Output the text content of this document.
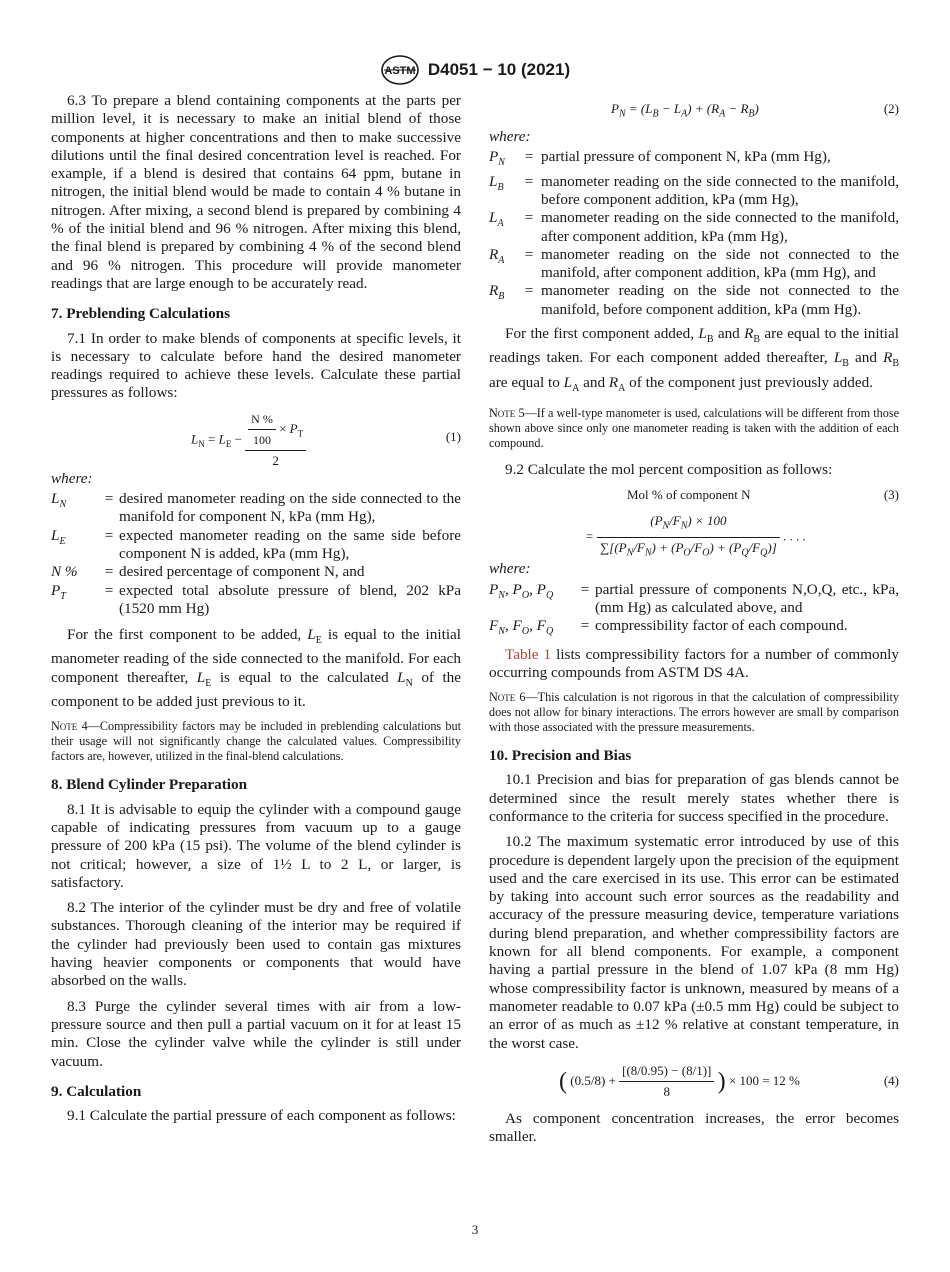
ASTM D4051 − 10 (2021)

6.3 To prepare a blend containing components at the parts per million level, it is necessary to make an initial blend of those components at higher concentrations and then to make successive dilutions until the final desired concentration level is reached. For example, if a blend is desired that contains 64 ppm, butane in nitrogen, the initial blend would be made to contain 4 % butane in nitrogen. After mixing, a second blend is prepared by combining 4 % of the initial blend and 96 % nitrogen. After mixing this blend, the final blend is prepared by combining 4 % of the second blend and 96 % nitrogen. This procedure will provide manometer readings that are large enough to be accurately read.

7. Preblending Calculations

7.1 In order to make blends of components at specific levels, it is necessary to calculate before hand the desired manometer readings required to achieve these levels. Calculate these partial pressures as follows:

$L_N = L_E - \frac{\frac{N \%}{100} \times P_T}{2}$	(1)
where:
$L_N$	=	desired manometer reading on the side connected to the manifold for component N, kPa (mm Hg),
$L_E$	=	expected manometer reading on the same side before component N is added, kPa (mm Hg),
N %	=	desired percentage of component N, and
$P_T$	=	expected total absolute pressure of blend, 202 kPa (1520 mm Hg)

For the first component to be added, $L_E$ is equal to the initial manometer reading of the side connected to the manifold. For each component thereafter, $L_E$ is equal to the calculated $L_N$ of the component to be added just previous to it.

Note 4—Compressibility factors may be included in preblending calculations but their usage will not significantly change the calculated values. Compressibility factors are, however, utilized in the final-blend calculations.
8. Blend Cylinder Preparation

8.1 It is advisable to equip the cylinder with a compound gauge capable of indicating pressures from vacuum up to a gauge pressure of 200 kPa (15 psi). The volume of the blend cylinder is not critical; however, a size of 1½ L to 2 L, or larger, is satisfactory.

8.2 The interior of the cylinder must be dry and free of volatile substances. Thorough cleaning of the interior may be required if the cylinder had previously been used to contain gas mixtures having heavier components or components that would have absorbed on the walls.

8.3 Purge the cylinder several times with air from a low-pressure source and then pull a partial vacuum on it for at least 15 min. Close the cylinder valve while the cylinder is still under vacuum.

9. Calculation

9.1 Calculate the partial pressure of each component as follows:

$P_N = (L_B - L_A) + (R_A - R_B)$	(2)
where:
$P_N$	=	partial pressure of component N, kPa (mm Hg),
$L_B$	=	manometer reading on the side connected to the manifold, before component addition, kPa (mm Hg),
$L_A$	=	manometer reading on the side connected to the manifold, after component addition, kPa (mm Hg),
$R_A$	=	manometer reading on the side not connected to the manifold, after component addition, kPa (mm Hg), and
$R_B$	=	manometer reading on the side not connected to the manifold, before component addition, kPa (mm Hg).

For the first component added, $L_B$ and $R_B$ are equal to the initial readings taken. For each component added thereafter, $L_B$ and $R_B$ are equal to $L_A$ and $R_A$ of the component just previously added.

Note 5—If a well-type manometer is used, calculations will be different from those shown above since only one manometer reading is taken with the addition of each compound.

9.2 Calculate the mol percent composition as follows:

Mol % of component N	(3)
= $\frac{(P_N/F_N) \times 100}{\sum[(P_N/F_N) + (P_O/F_O) + (P_Q/F_Q)]}$ . . . .
where:
$P_N$, $P_O$, $P_Q$	=	partial pressure of components N,O,Q, etc., kPa, (mm Hg) as calculated above, and
$F_N$, $F_O$, $F_Q$	=	compressibility factor of each compound.

Table 1 lists compressibility factors for a number of commonly occurring compounds from ASTM DS 4A.

Note 6—This calculation is not rigorous in that the calculation of compressibility does not allow for binary interactions. The errors however are small by comparison with those associated with the pressure measurements.
10. Precision and Bias

10.1 Precision and bias for preparation of gas blends cannot be determined since the result merely states whether there is conformance to the criteria for success specified in the procedure.

10.2 The maximum systematic error introduced by use of this procedure is dependent largely upon the precision of the equipment used and the care exercised in its use. This error can be estimated by taking into account such error sources as the readability and accuracy of the pressure measuring device, temperature variations during blend preparation, and whether compressibility factors are known for all blend components. For example, a component having a partial pressure in the blend of 1.07 kPa (8 mm Hg) whose compressibility factor is unknown, measured by means of a manometer readable to 0.07 kPa (±0.5 mm Hg) could be subject to an error of as much as ±12 % relative at constant temperature, in the worst case.

( $(0.5/8) + \frac{[(8/0.95) - (8/1)]}{8}$ ) × 100 = 12 %	(4)

As component concentration increases, the error becomes smaller.

3
